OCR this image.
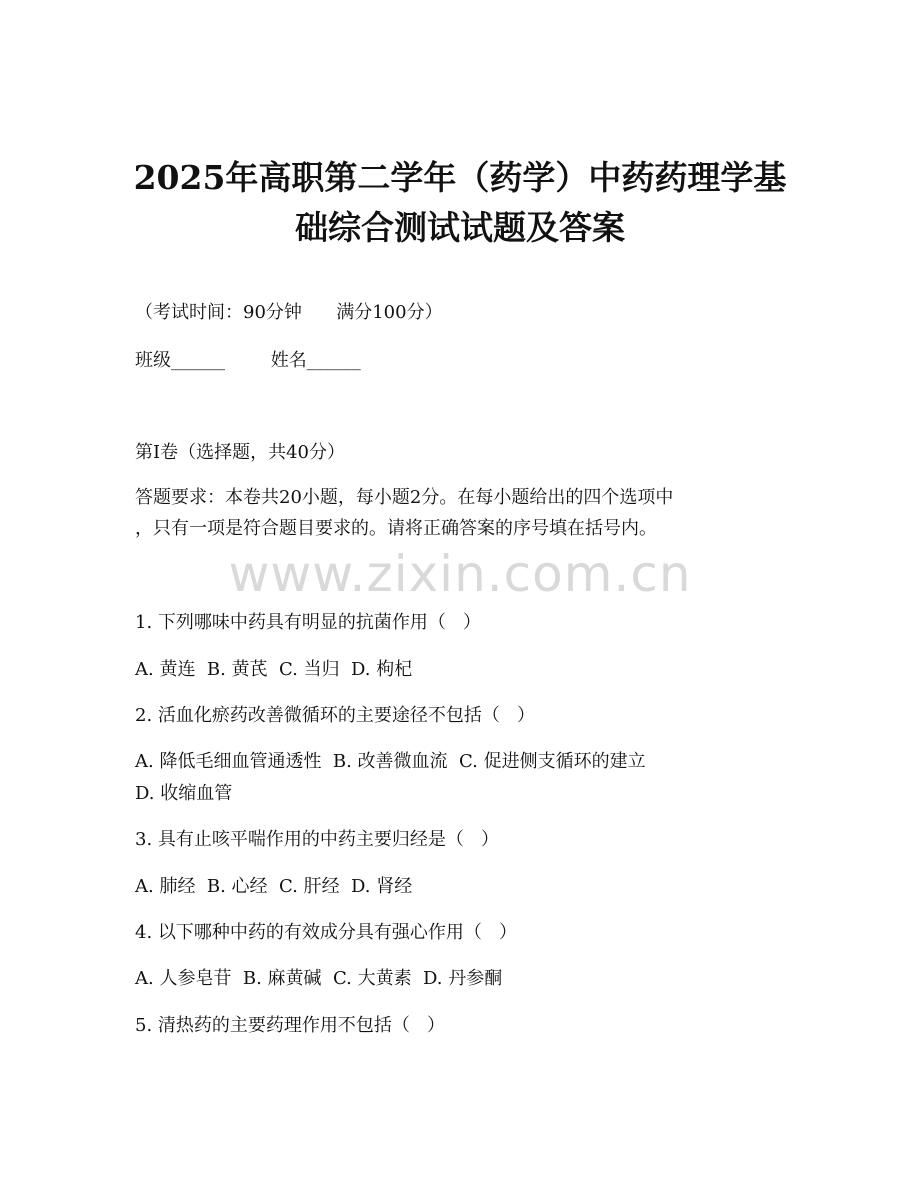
2025年高职第二学年（药学）中药药理学基
础综合测试试题及答案
（考试时间：90分钟      满分100分）
班级______        姓名______
第Ⅰ卷（选择题，共40分）
答题要求：本卷共20小题，每小题2分。在每小题给出的四个选项中
，只有一项是符合题目要求的。请将正确答案的序号填在括号内。
www.zixin.com.cn
1. 下列哪味中药具有明显的抗菌作用（   ）
A. 黄连  B. 黄芪  C. 当归  D. 枸杞
2. 活血化瘀药改善微循环的主要途径不包括（   ）
A. 降低毛细血管通透性  B. 改善微血流  C. 促进侧支循环的建立
D. 收缩血管
3. 具有止咳平喘作用的中药主要归经是（   ）
A. 肺经  B. 心经  C. 肝经  D. 肾经
4. 以下哪种中药的有效成分具有强心作用（   ）
A. 人参皂苷  B. 麻黄碱  C. 大黄素  D. 丹参酮
5. 清热药的主要药理作用不包括（   ）
